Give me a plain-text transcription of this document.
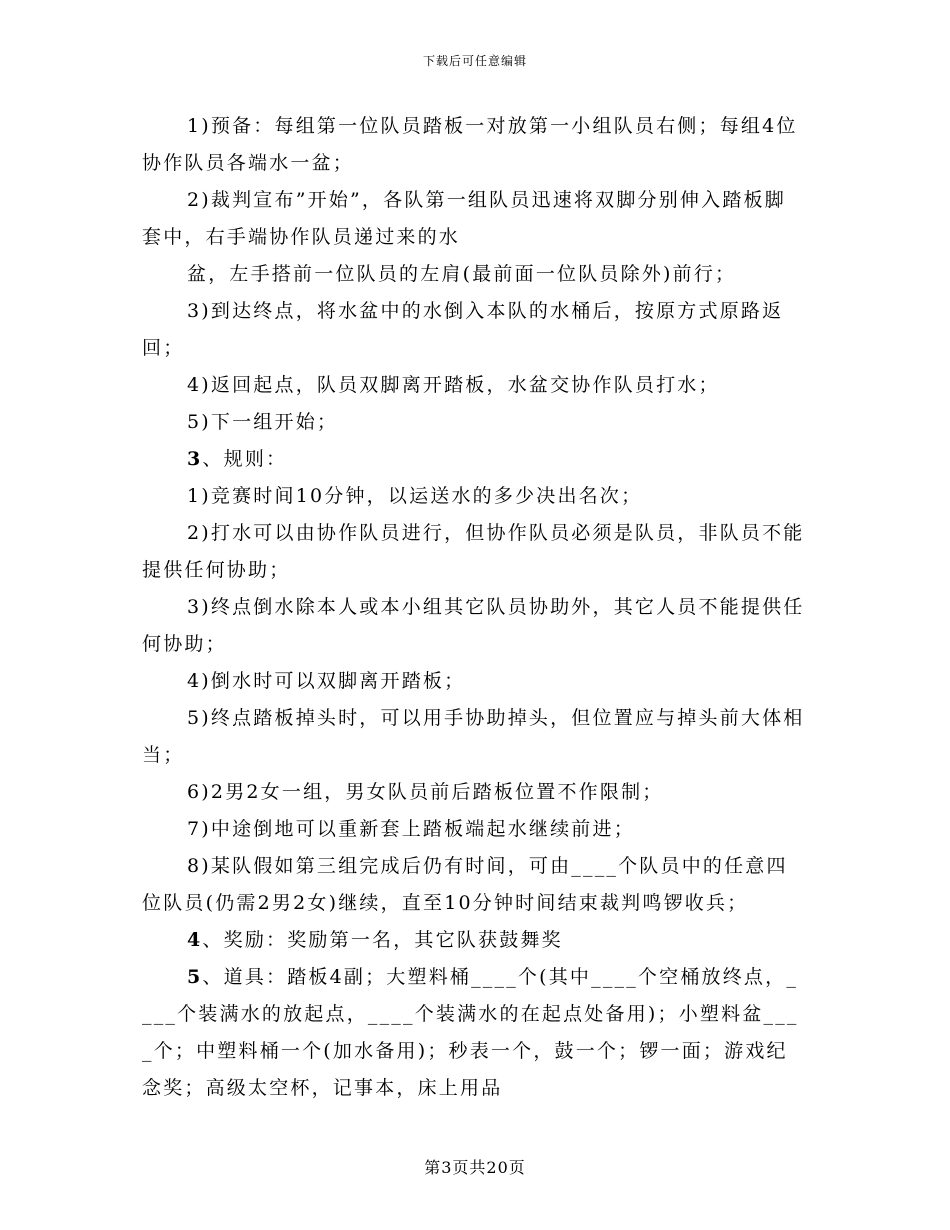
下载后可任意编辑

1)预备：每组第一位队员踏板一对放第一小组队员右侧；每组4位协作队员各端水一盆；

2)裁判宣布”开始”，各队第一组队员迅速将双脚分别伸入踏板脚套中，右手端协作队员递过来的水

盆，左手搭前一位队员的左肩(最前面一位队员除外)前行；

3)到达终点，将水盆中的水倒入本队的水桶后，按原方式原路返回；

4)返回起点，队员双脚离开踏板，水盆交协作队员打水；

5)下一组开始；

3、规则：

1)竞赛时间10分钟，以运送水的多少决出名次；

2)打水可以由协作队员进行，但协作队员必须是队员，非队员不能提供任何协助；

3)终点倒水除本人或本小组其它队员协助外，其它人员不能提供任何协助；

4)倒水时可以双脚离开踏板；

5)终点踏板掉头时，可以用手协助掉头，但位置应与掉头前大体相当；

6)2男2女一组，男女队员前后踏板位置不作限制；

7)中途倒地可以重新套上踏板端起水继续前进；

8)某队假如第三组完成后仍有时间，可由____个队员中的任意四位队员(仍需2男2女)继续，直至10分钟时间结束裁判鸣锣收兵；

4、奖励：奖励第一名，其它队获鼓舞奖

5、道具：踏板4副；大塑料桶____个(其中____个空桶放终点，____个装满水的放起点，____个装满水的在起点处备用)；小塑料盆____个；中塑料桶一个(加水备用)；秒表一个，鼓一个；锣一面；游戏纪念奖；高级太空杯，记事本，床上用品

第3页共20页
